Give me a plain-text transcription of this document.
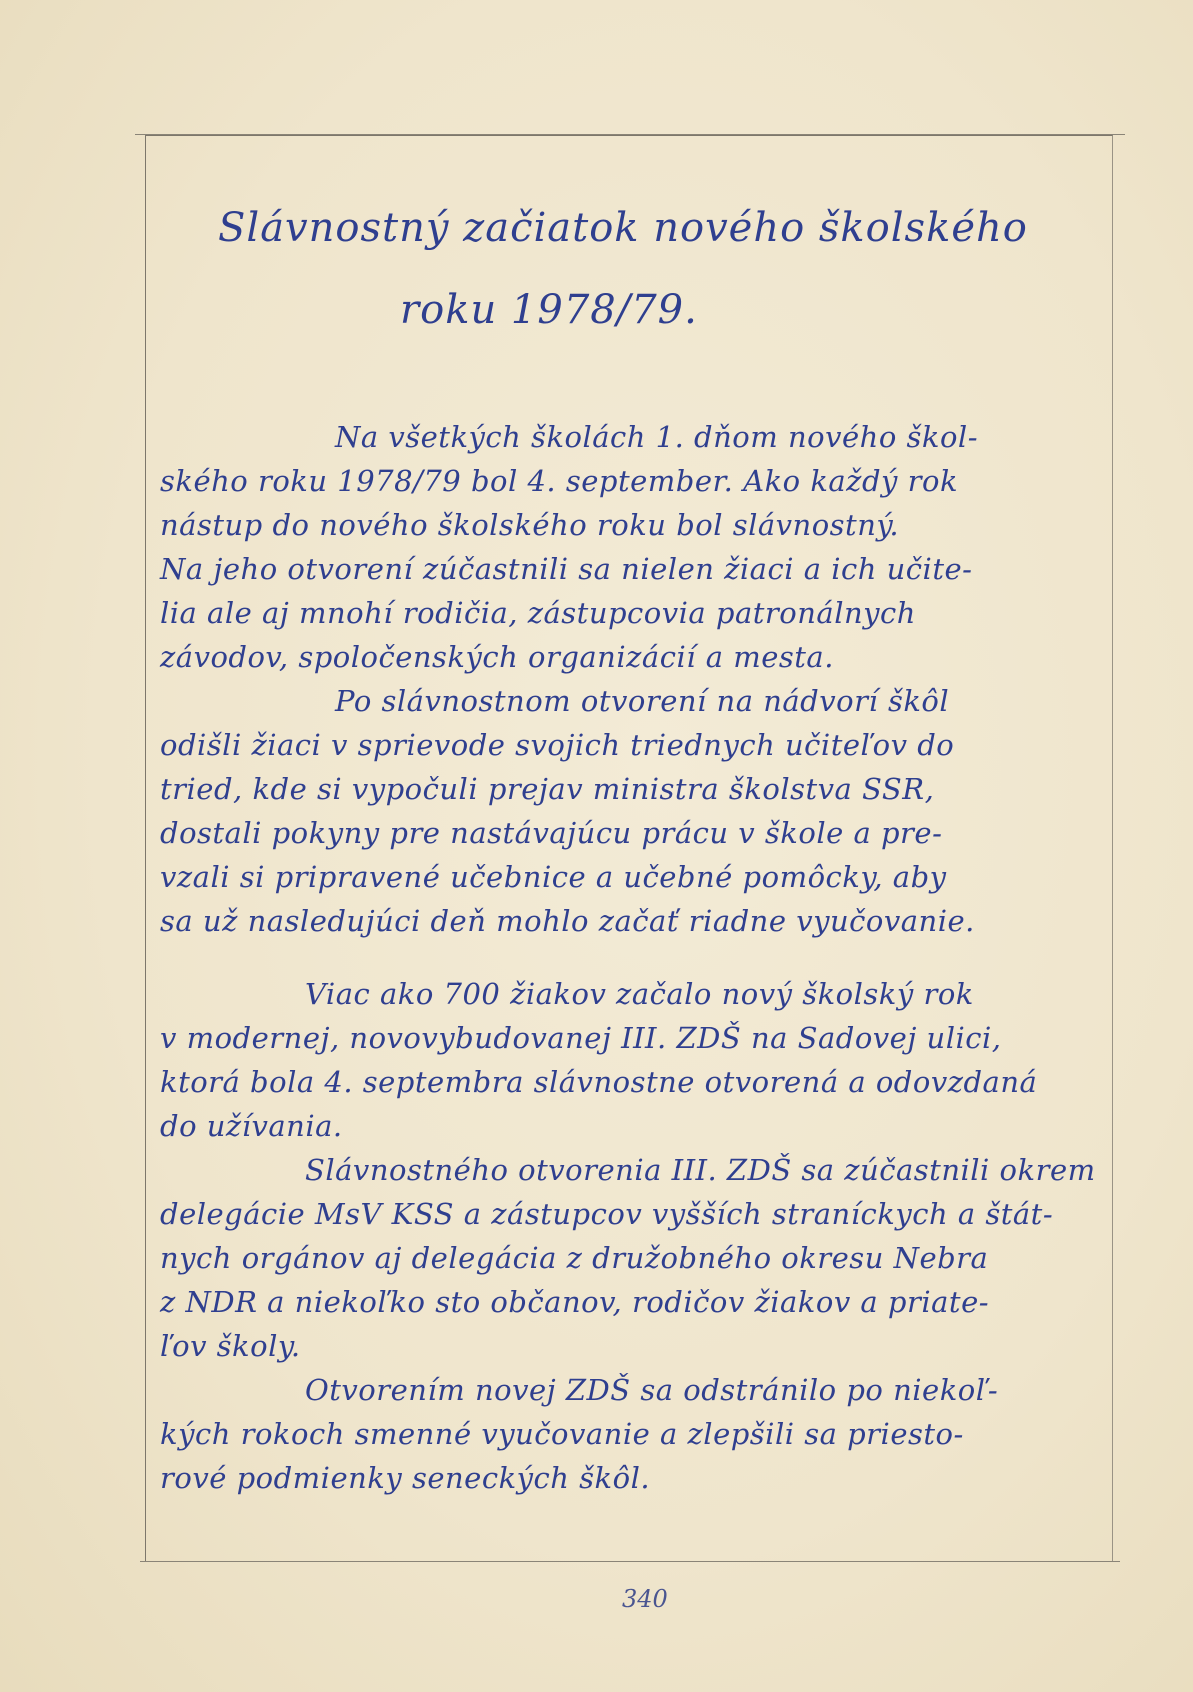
Slávnostný začiatok nového školského

roku 1978/79.

Na všetkých školách 1. dňom nového škol-

ského roku 1978/79 bol 4. september. Ako každý rok

nástup do nového školského roku bol slávnostný.

Na jeho otvorení zúčastnili sa nielen žiaci a ich učite-

lia ale aj mnohí rodičia, zástupcovia patronálnych

závodov, spoločenských organizácií a mesta.

Po slávnostnom otvorení na nádvorí škôl

odišli žiaci v sprievode svojich triednych učiteľov do

tried, kde si vypočuli prejav ministra školstva SSR,

dostali pokyny pre nastávajúcu prácu v škole a pre-

vzali si pripravené učebnice a učebné pomôcky, aby

sa už nasledujúci deň mohlo začať riadne vyučovanie.

Viac ako 700 žiakov začalo nový školský rok

v modernej, novovybudovanej III. ZDŠ na Sadovej ulici,

ktorá bola 4. septembra slávnostne otvorená a odovzdaná

do užívania.

Slávnostného otvorenia III. ZDŠ sa zúčastnili okrem

delegácie MsV KSS a zástupcov vyšších straníckych a štát-

nych orgánov aj delegácia z družobného okresu Nebra

z NDR a niekoľko sto občanov, rodičov žiakov a priate-

ľov školy.

Otvorením novej ZDŠ sa odstránilo po niekoľ-

kých rokoch smenné vyučovanie a zlepšili sa priesto-

rové podmienky seneckých škôl.

340
